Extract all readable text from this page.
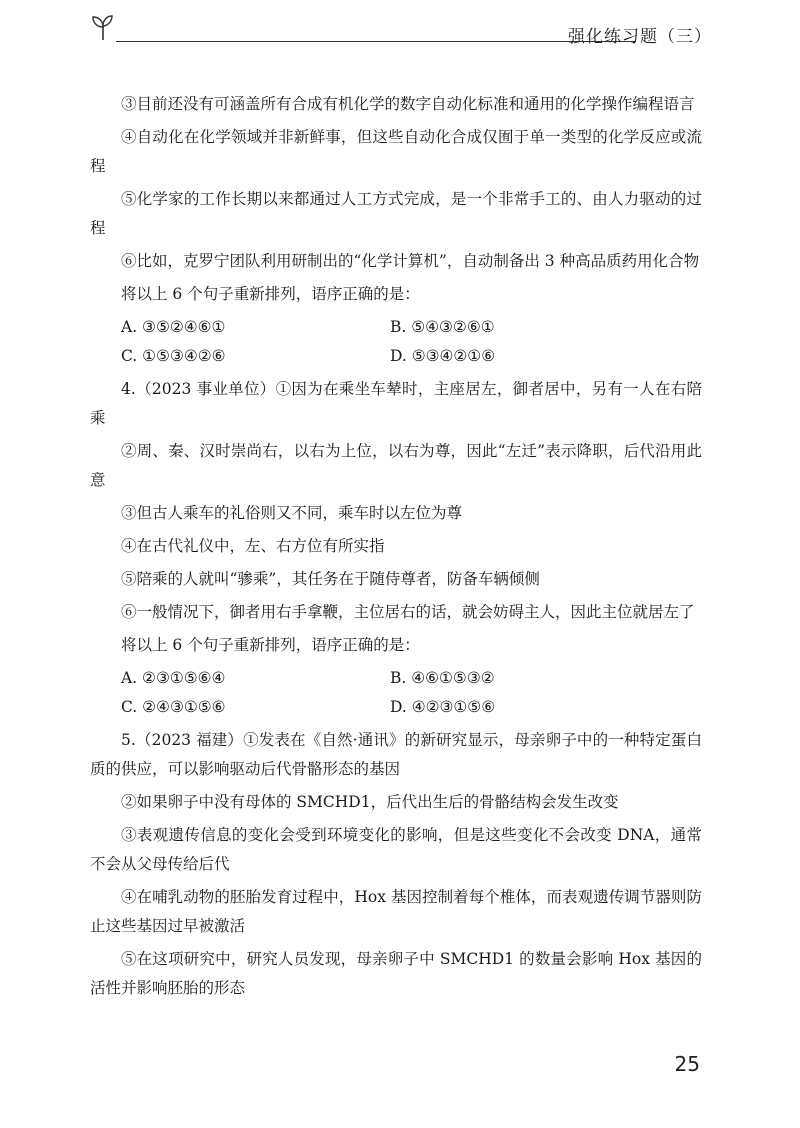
强化练习题（三）

③目前还没有可涵盖所有合成有机化学的数字自动化标准和通用的化学操作编程语言

④自动化在化学领域并非新鲜事，但这些自动化合成仅囿于单一类型的化学反应或流程

⑤化学家的工作长期以来都通过人工方式完成，是一个非常手工的、由人力驱动的过程

⑥比如，克罗宁团队利用研制出的“化学计算机”，自动制备出 3 种高品质药用化合物

将以上 6 个句子重新排列，语序正确的是：

A. ③⑤②④⑥①	B. ⑤④③②⑥①
C. ①⑤③④②⑥	D. ⑤③④②①⑥

4.（2023 事业单位）①因为在乘坐车辇时，主座居左，御者居中，另有一人在右陪乘

②周、秦、汉时崇尚右，以右为上位，以右为尊，因此“左迁”表示降职，后代沿用此意

③但古人乘车的礼俗则又不同，乘车时以左位为尊

④在古代礼仪中，左、右方位有所实指

⑤陪乘的人就叫“骖乘”，其任务在于随侍尊者，防备车辆倾侧

⑥一般情况下，御者用右手拿鞭，主位居右的话，就会妨碍主人，因此主位就居左了

将以上 6 个句子重新排列，语序正确的是：

A. ②③①⑤⑥④	B. ④⑥①⑤③②
C. ②④③①⑤⑥	D. ④②③①⑤⑥

5.（2023 福建）①发表在《自然·通讯》的新研究显示，母亲卵子中的一种特定蛋白质的供应，可以影响驱动后代骨骼形态的基因

②如果卵子中没有母体的 SMCHD1，后代出生后的骨骼结构会发生改变

③表观遗传信息的变化会受到环境变化的影响，但是这些变化不会改变 DNA，通常不会从父母传给后代

④在哺乳动物的胚胎发育过程中，Hox 基因控制着每个椎体，而表观遗传调节器则防止这些基因过早被激活

⑤在这项研究中，研究人员发现，母亲卵子中 SMCHD1 的数量会影响 Hox 基因的活性并影响胚胎的形态

25
